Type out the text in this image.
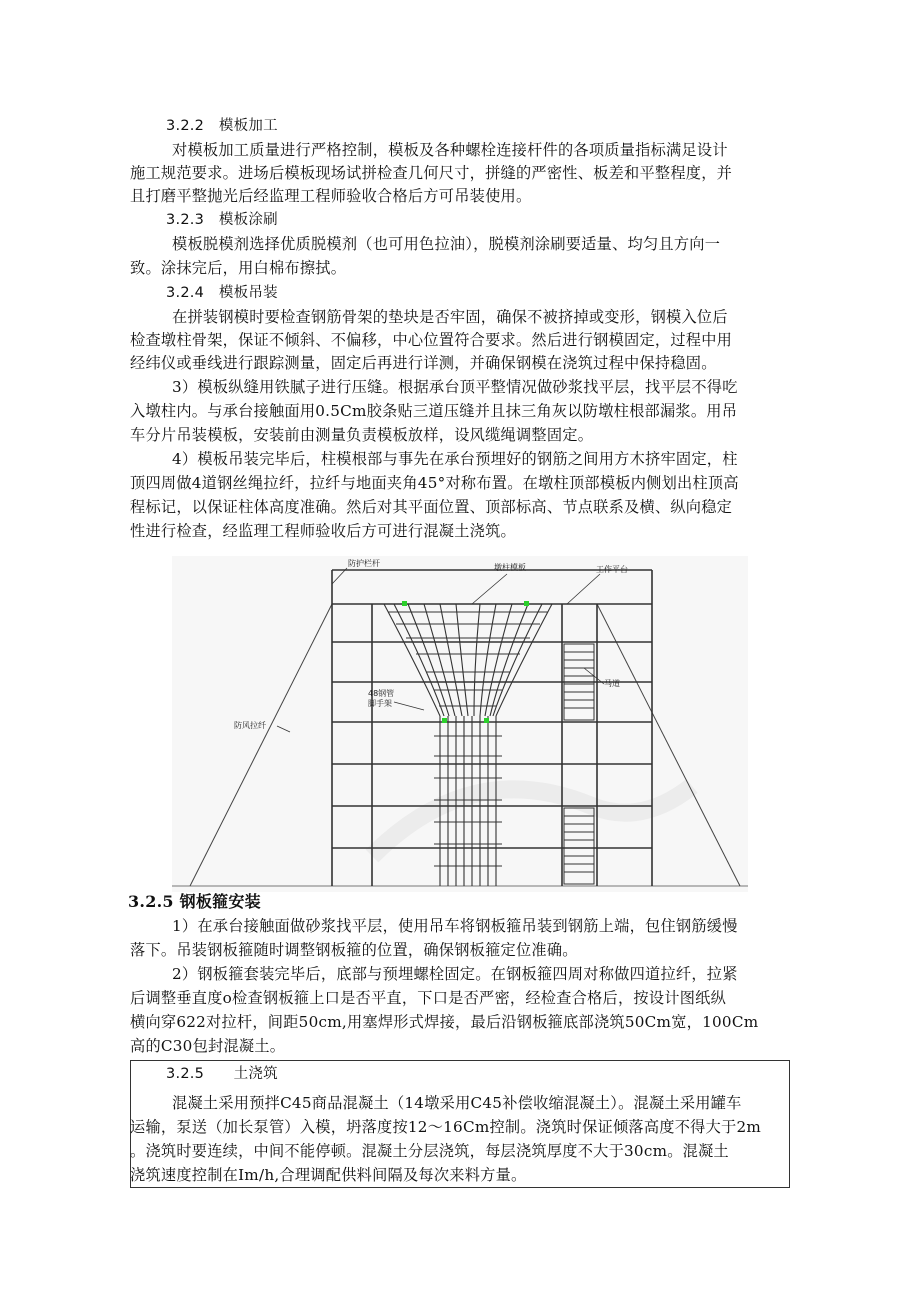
3.2.2　模板加工
对模板加工质量进行严格控制，模板及各种螺栓连接杆件的各项质量指标满足设计
施工规范要求。进场后模板现场试拼检查几何尺寸，拼缝的严密性、板差和平整程度，并
且打磨平整抛光后经监理工程师验收合格后方可吊装使用。
3.2.3　模板涂刷
模板脱模剂选择优质脱模剂（也可用色拉油），脱模剂涂刷要适量、均匀且方向一
致。涂抹完后，用白棉布擦拭。
3.2.4　模板吊装
在拼装钢模时要检查钢筋骨架的垫块是否牢固，确保不被挤掉或变形，钢模入位后
检查墩柱骨架，保证不倾斜、不偏移，中心位置符合要求。然后进行钢模固定，过程中用
经纬仪或垂线进行跟踪测量，固定后再进行详测，并确保钢模在浇筑过程中保持稳固。
3）模板纵缝用铁腻子进行压缝。根据承台顶平整情况做砂浆找平层，找平层不得吃
入墩柱内。与承台接触面用0.5Cm胶条贴三道压缝并且抹三角灰以防墩柱根部漏浆。用吊
车分片吊装模板，安装前由测量负责模板放样，设风缆绳调整固定。
4）模板吊装完毕后，柱模根部与事先在承台预埋好的钢筋之间用方木挤牢固定，柱
顶四周做4道钢丝绳拉纤，拉纤与地面夹角45°对称布置。在墩柱顶部模板内侧划出柱顶高
程标记，以保证柱体高度准确。然后对其平面位置、顶部标高、节点联系及横、纵向稳定
性进行检查，经监理工程师验收后方可进行混凝土浇筑。
防护栏杆	墩柱模板	工作平台
马道
48钢管
脚手架
防风拉纤
3.2.5 钢板箍安装
1）在承台接触面做砂浆找平层，使用吊车将钢板箍吊装到钢筋上端，包住钢筋缓慢
落下。吊装钢板箍随时调整钢板箍的位置，确保钢板箍定位准确。
2）钢板箍套装完毕后，底部与预埋螺栓固定。在钢板箍四周对称做四道拉纤，拉紧
后调整垂直度o检查钢板箍上口是否平直，下口是否严密，经检查合格后，按设计图纸纵
横向穿622对拉杆，间距50cm,用塞焊形式焊接，最后沿钢板箍底部浇筑50Cm宽，100Cm
高的C30包封混凝土。
3.2.5　　土浇筑
混凝土采用预拌C45商品混凝土（14墩采用C45补偿收缩混凝土）。混凝土采用罐车
运输，泵送（加长泵管）入模，坍落度按12～16Cm控制。浇筑时保证倾落高度不得大于2m
。浇筑时要连续，中间不能停顿。混凝土分层浇筑，每层浇筑厚度不大于30cm。混凝土
浇筑速度控制在Im/h,合理调配供料间隔及每次来料方量。
